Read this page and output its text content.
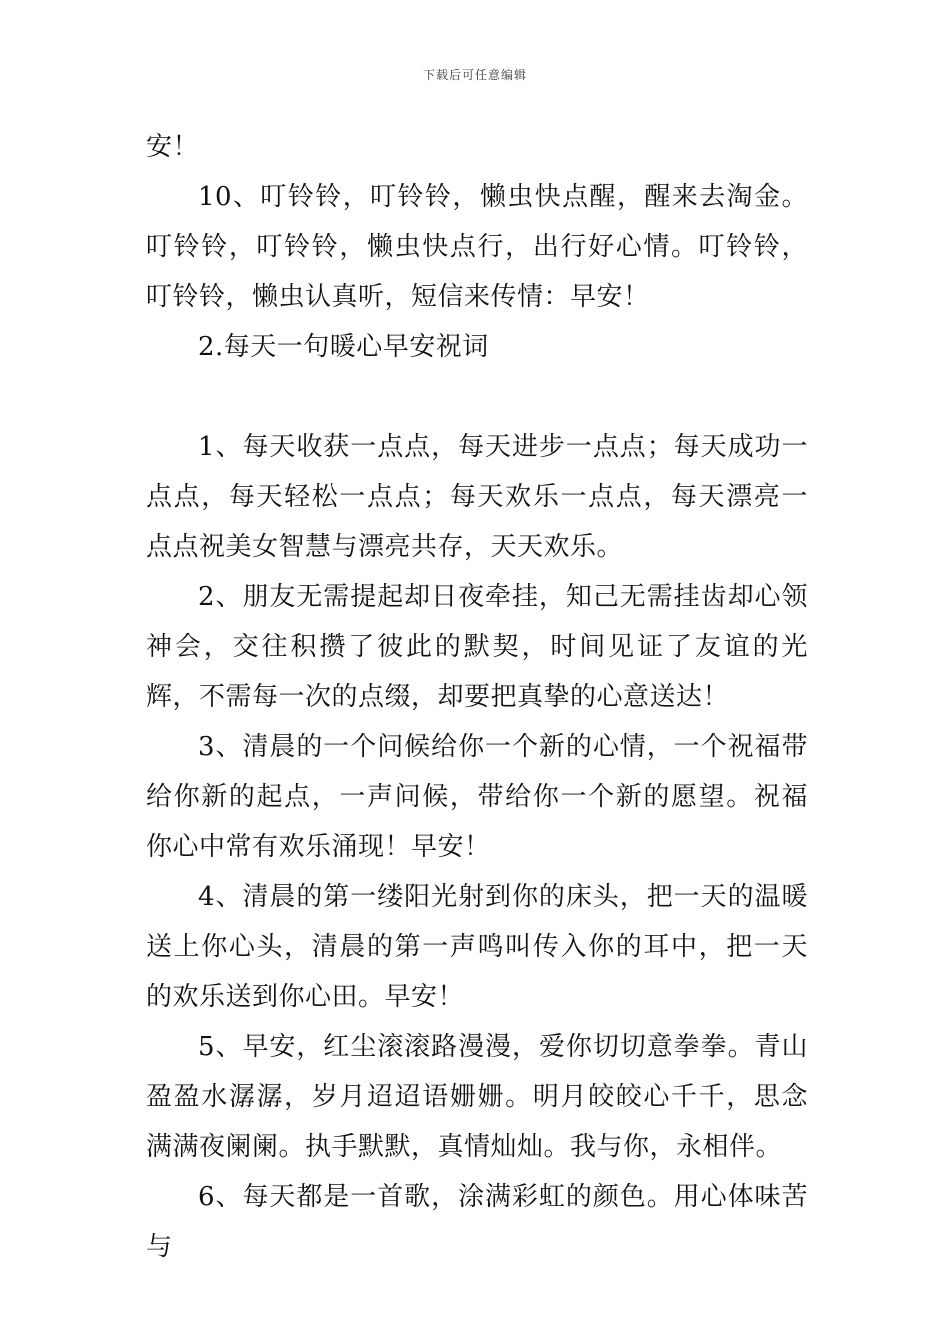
下载后可任意编辑

安！

10、叮铃铃，叮铃铃，懒虫快点醒，醒来去淘金。叮铃铃，叮铃铃，懒虫快点行，出行好心情。叮铃铃，叮铃铃，懒虫认真听，短信来传情：早安！

2.每天一句暖心早安祝词

1、每天收获一点点，每天进步一点点；每天成功一点点，每天轻松一点点；每天欢乐一点点，每天漂亮一点点祝美女智慧与漂亮共存，天天欢乐。

2、朋友无需提起却日夜牵挂，知己无需挂齿却心领神会，交往积攒了彼此的默契，时间见证了友谊的光辉，不需每一次的点缀，却要把真挚的心意送达！

3、清晨的一个问候给你一个新的心情，一个祝福带给你新的起点，一声问候，带给你一个新的愿望。祝福你心中常有欢乐涌现！早安！

4、清晨的第一缕阳光射到你的床头，把一天的温暖送上你心头，清晨的第一声鸣叫传入你的耳中，把一天的欢乐送到你心田。早安！

5、早安，红尘滚滚路漫漫，爱你切切意拳拳。青山盈盈水潺潺，岁月迢迢语姗姗。明月皎皎心千千，思念满满夜阑阑。执手默默，真情灿灿。我与你，永相伴。

6、每天都是一首歌，涂满彩虹的颜色。用心体味苦与
